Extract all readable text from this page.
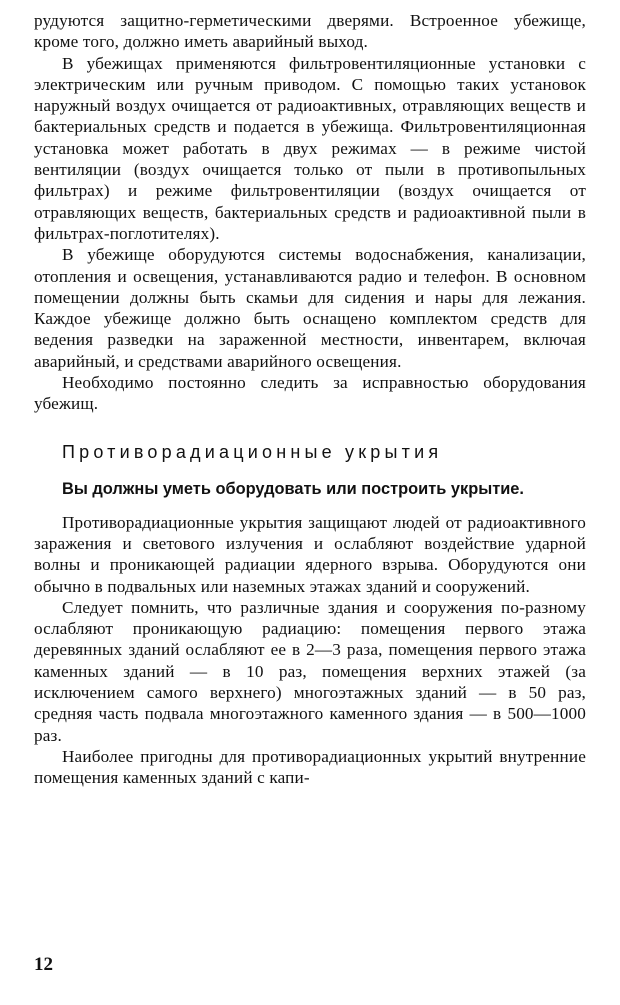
рудуются защитно-герметическими дверями. Встроенное убежище, кроме того, должно иметь аварийный выход.

В убежищах применяются фильтровентиляционные установки с электрическим или ручным приводом. С помощью таких установок наружный воздух очищается от радиоактивных, отравляющих веществ и бактериальных средств и подается в убежища. Фильтровентиляционная установка может работать в двух режимах — в режиме чистой вентиляции (воздух очищается только от пыли в противопыльных фильтрах) и режиме фильтровентиляции (воздух очищается от отравляющих веществ, бактериальных средств и радиоактивной пыли в фильтрах-поглотителях).

В убежище оборудуются системы водоснабжения, канализации, отопления и освещения, устанавливаются радио и телефон. В основном помещении должны быть скамьи для сидения и нары для лежания. Каждое убежище должно быть оснащено комплектом средств для ведения разведки на зараженной местности, инвентарем, включая аварийный, и средствами аварийного освещения.

Необходимо постоянно следить за исправностью оборудования убежищ.

Противорадиационные укрытия
Вы должны уметь оборудовать или построить укрытие.

Противорадиационные укрытия защищают людей от радиоактивного заражения и светового излучения и ослабляют воздействие ударной волны и проникающей радиации ядерного взрыва. Оборудуются они обычно в подвальных или наземных этажах зданий и сооружений.

Следует помнить, что различные здания и сооружения по-разному ослабляют проникающую радиацию: помещения первого этажа деревянных зданий ослабляют ее в 2—3 раза, помещения первого этажа каменных зданий — в 10 раз, помещения верхних этажей (за исключением самого верхнего) многоэтажных зданий — в 50 раз, средняя часть подвала многоэтажного каменного здания — в 500—1000 раз.

Наиболее пригодны для противорадиационных укрытий внутренние помещения каменных зданий с капи-

12
